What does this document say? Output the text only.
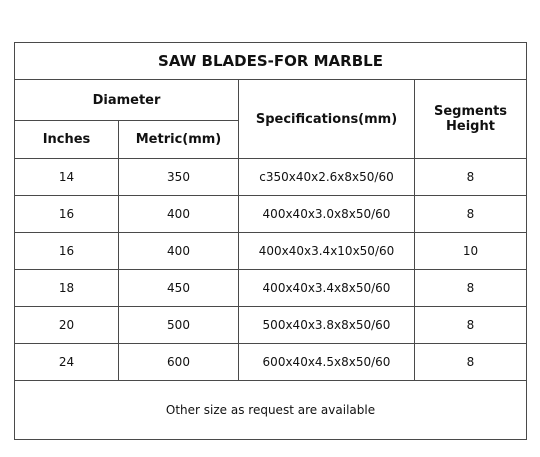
SAW BLADES-FOR MARBLE			
Diameter		Specifications(mm)	Segments
Height
Inches	Metric(mm)		
14	350	c350x40x2.6x8x50/60	8
16	400	400x40x3.0x8x50/60	8
16	400	400x40x3.4x10x50/60	10
18	450	400x40x3.4x8x50/60	8
20	500	500x40x3.8x8x50/60	8
24	600	600x40x4.5x8x50/60	8
Other size as request are available			
